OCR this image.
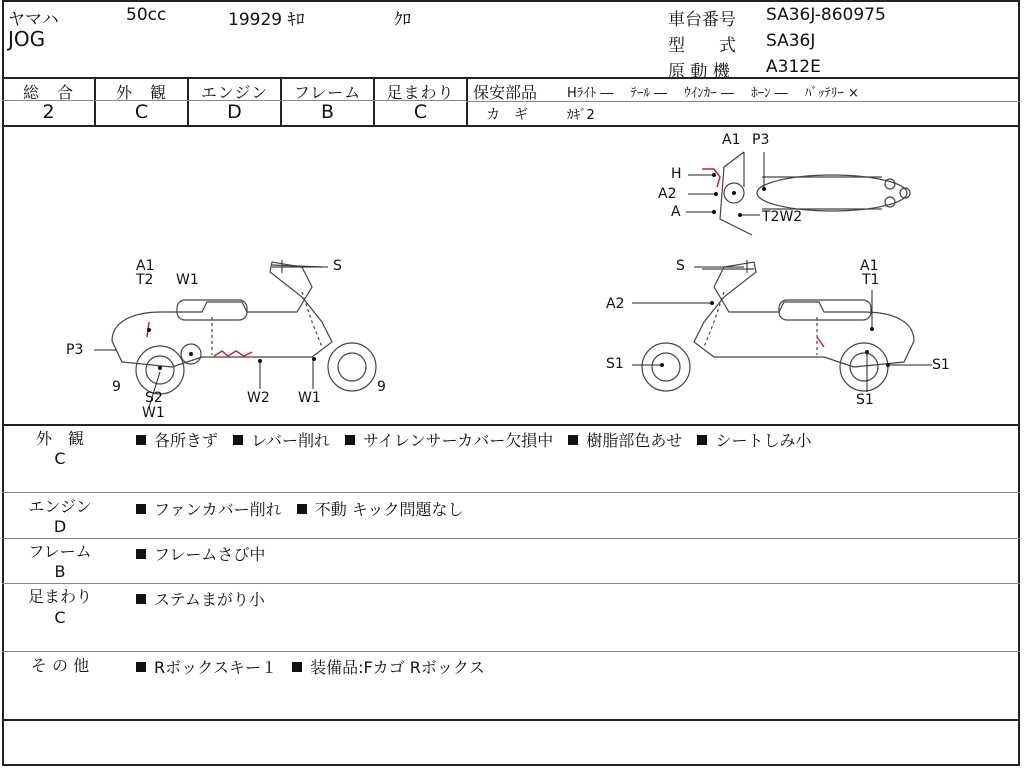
ヤマハ	50cc	19929 ｷﾛ	ｸﾛ
JOG
車台番号 SA36J-860975
型　　式 SA36J
原 動 機 A312E
総　合
2
外　観
C
エンジン
D
フレーム
B
足まわり
C
保安部品 Hﾗｲﾄ ―　 ﾃｰﾙ ―　 ｳｲﾝｶｰ ―　 ﾎｰﾝ ―　 ﾊﾞｯﾃﾘｰ ×
カ　ギ	ｶｷﾞ2
A1
T2 W1
S
P3
9
S2
W1
W2 W1
9
S	A1
T1
A2
S1	S1
S1
A1 P3
H
A2
A	T2W2
外　観
C
各所きず レバー削れ サイレンサーカバー欠損中 樹脂部色あせ シートしみ小
エンジン
D
ファンカバー削れ 不動 キック問題なし
フレーム
B
フレームさび中
足まわり
C
ステムまがり小
そ の 他	Rボックスキー１ 装備品:Fカゴ Rボックス
